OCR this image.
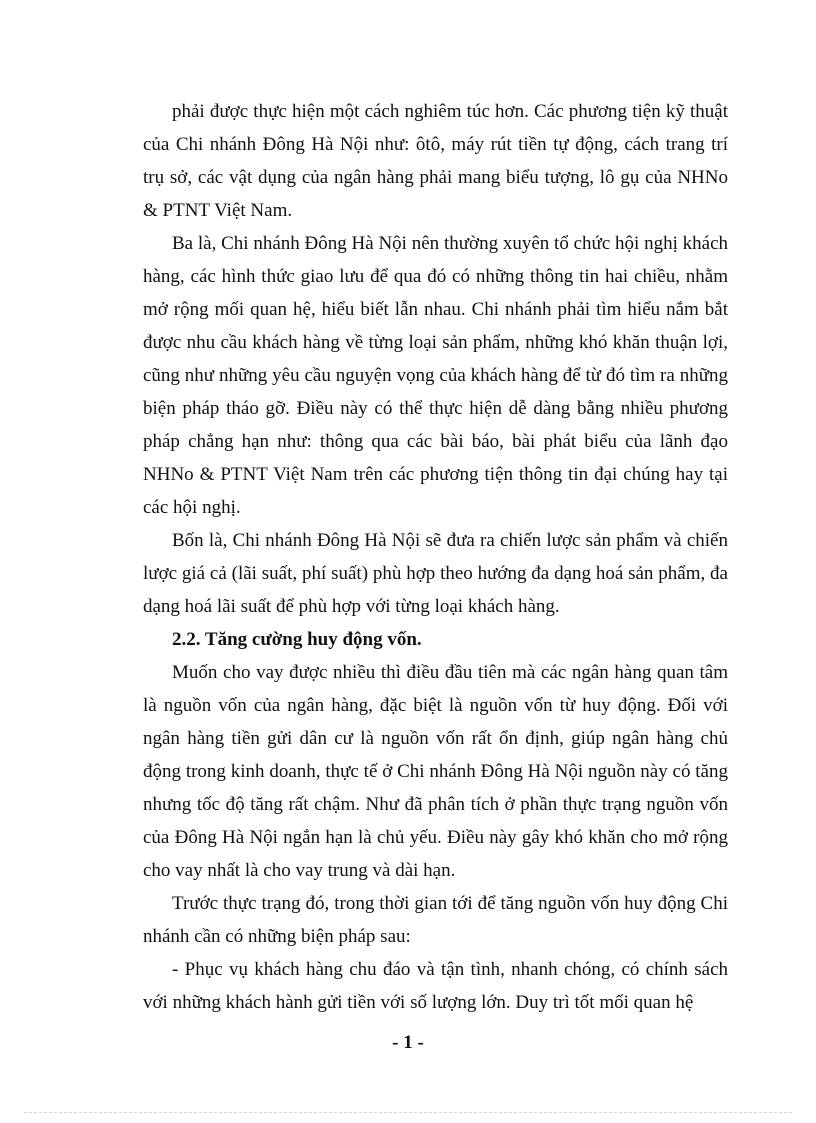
phải được thực hiện một cách nghiêm túc hơn. Các phương tiện kỹ thuật của Chi nhánh Đông Hà Nội như: ôtô, máy rút tiền tự động, cách trang trí trụ sở, các vật dụng của ngân hàng phải mang biểu tượng, lô gụ của NHNo & PTNT Việt Nam.

Ba là, Chi nhánh Đông Hà Nội nên thường xuyên tổ chức hội nghị khách hàng, các hình thức giao lưu để qua đó có những thông tin hai chiều, nhằm mở rộng mối quan hệ, hiểu biết lẫn nhau. Chi nhánh phải tìm hiểu nắm bắt được nhu cầu khách hàng về từng loại sản phẩm, những khó khăn thuận lợi, cũng như những yêu cầu nguyện vọng của khách hàng để từ đó tìm ra những biện pháp tháo gỡ. Điều này có thể thực hiện dễ dàng bằng nhiều phương pháp chẳng hạn như: thông qua các bài báo, bài phát biểu của lãnh đạo NHNo & PTNT Việt Nam trên các phương tiện thông tin đại chúng hay tại các hội nghị.

Bốn là, Chi nhánh Đông Hà Nội sẽ đưa ra chiến lược sản phẩm và chiến lược giá cả (lãi suất, phí suất) phù hợp theo hướng đa dạng hoá sản phẩm, đa dạng hoá lãi suất để phù hợp với từng loại khách hàng.

2.2. Tăng cường huy động vốn.

Muốn cho vay được nhiều thì điều đầu tiên mà các ngân hàng quan tâm là nguồn vốn của ngân hàng, đặc biệt là nguồn vốn từ huy động. Đối với ngân hàng tiền gửi dân cư là nguồn vốn rất ổn định, giúp ngân hàng chủ động trong kinh doanh, thực tế ở Chi nhánh Đông Hà Nội nguồn này có tăng nhưng tốc độ tăng rất chậm. Như đã phân tích ở phần thực trạng nguồn vốn của Đông Hà Nội ngắn hạn là chủ yếu. Điều này gây khó khăn cho mở rộng cho vay nhất là cho vay trung và dài hạn.

Trước thực trạng đó, trong thời gian tới để tăng nguồn vốn huy động Chi nhánh cần có những biện pháp sau:

- Phục vụ khách hàng chu đáo và tận tình, nhanh chóng, có chính sách với những khách hành gửi tiền với số lượng lớn. Duy trì tốt mối quan hệ

- 1 -
